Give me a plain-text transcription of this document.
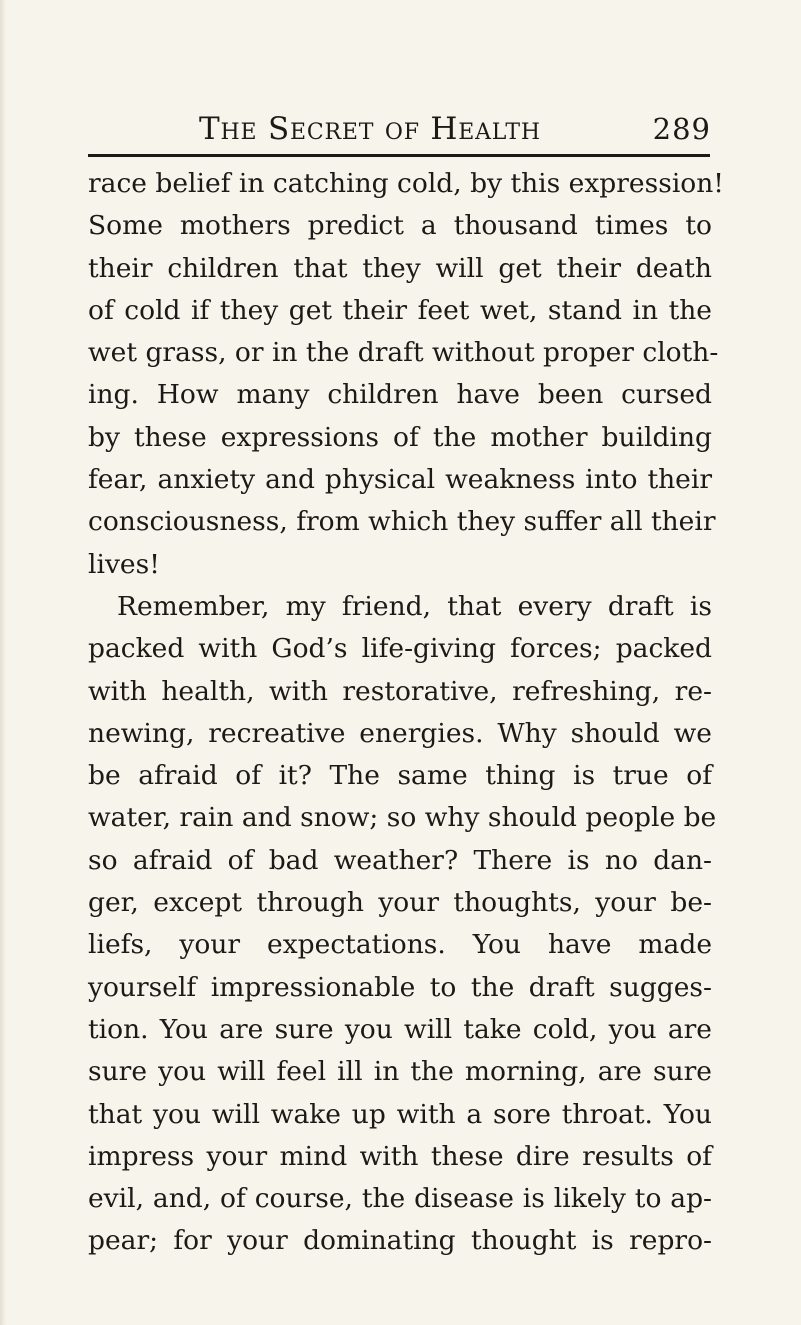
The Secret of Health	289
race belief in catching cold, by this expression!
Some mothers predict a thousand times to
their children that they will get their death
of cold if they get their feet wet, stand in the
wet grass, or in the draft without proper cloth-
ing. How many children have been cursed
by these expressions of the mother building
fear, anxiety and physical weakness into their
consciousness, from which they suffer all their
lives!
Remember, my friend, that every draft is
packed with God’s life-giving forces; packed
with health, with restorative, refreshing, re-
newing, recreative energies. Why should we
be afraid of it? The same thing is true of
water, rain and snow; so why should people be
so afraid of bad weather? There is no dan-
ger, except through your thoughts, your be-
liefs, your expectations. You have made
yourself impressionable to the draft sugges-
tion. You are sure you will take cold, you are
sure you will feel ill in the morning, are sure
that you will wake up with a sore throat. You
impress your mind with these dire results of
evil, and, of course, the disease is likely to ap-
pear; for your dominating thought is repro-
